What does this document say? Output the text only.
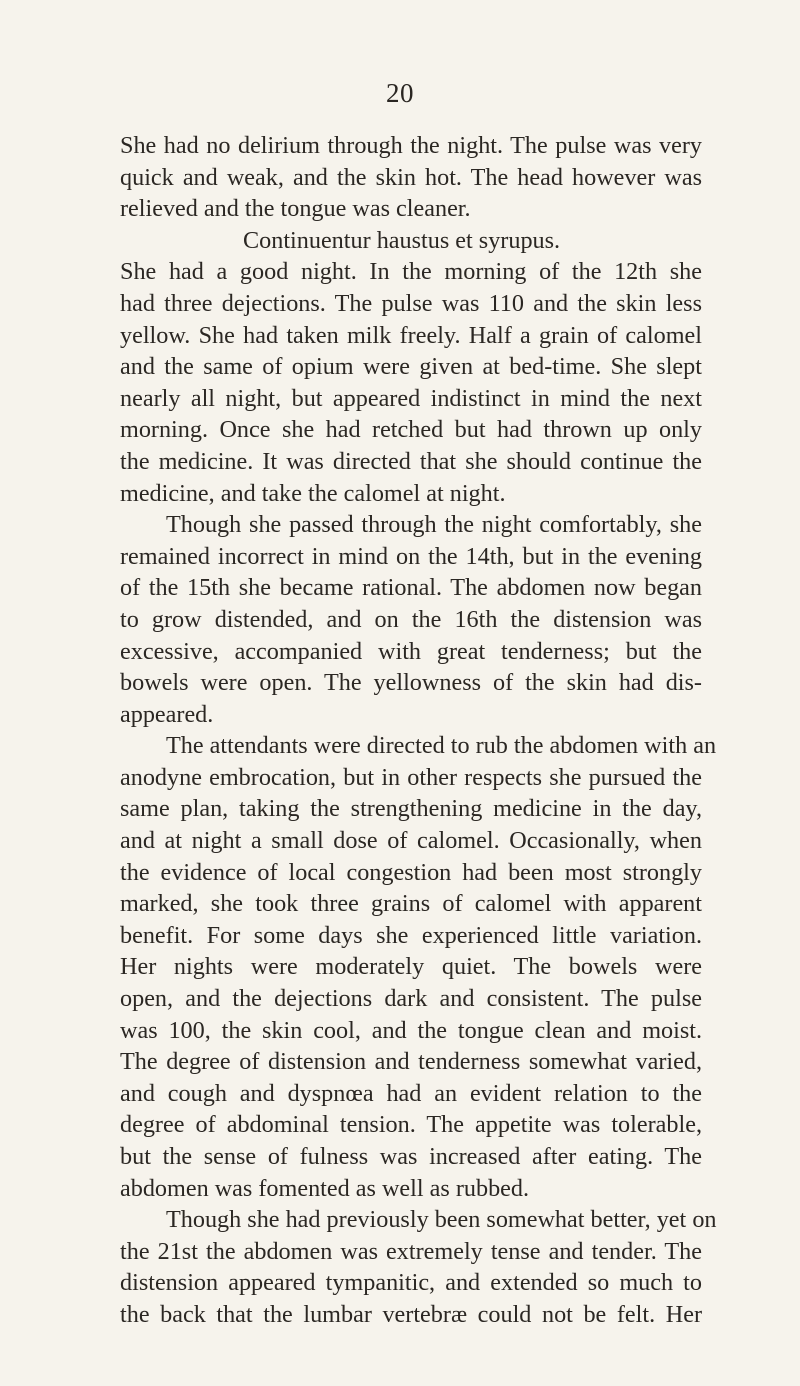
20
She had no delirium through the night. The pulse was very
quick and weak, and the skin hot. The head however was
relieved and the tongue was cleaner.
Continuentur haustus et syrupus.
She had a good night. In the morning of the 12th she
had three dejections. The pulse was 110 and the skin less
yellow. She had taken milk freely. Half a grain of calomel
and the same of opium were given at bed-time. She slept
nearly all night, but appeared indistinct in mind the next
morning. Once she had retched but had thrown up only
the medicine. It was directed that she should continue the
medicine, and take the calomel at night.
Though she passed through the night comfortably, she
remained incorrect in mind on the 14th, but in the evening
of the 15th she became rational. The abdomen now began
to grow distended, and on the 16th the distension was
excessive, accompanied with great tenderness; but the
bowels were open. The yellowness of the skin had dis-
appeared.
The attendants were directed to rub the abdomen with an
anodyne embrocation, but in other respects she pursued the
same plan, taking the strengthening medicine in the day,
and at night a small dose of calomel. Occasionally, when
the evidence of local congestion had been most strongly
marked, she took three grains of calomel with apparent
benefit. For some days she experienced little variation.
Her nights were moderately quiet. The bowels were
open, and the dejections dark and consistent. The pulse
was 100, the skin cool, and the tongue clean and moist.
The degree of distension and tenderness somewhat varied,
and cough and dyspnœa had an evident relation to the
degree of abdominal tension. The appetite was tolerable,
but the sense of fulness was increased after eating. The
abdomen was fomented as well as rubbed.
Though she had previously been somewhat better, yet on
the 21st the abdomen was extremely tense and tender. The
distension appeared tympanitic, and extended so much to
the back that the lumbar vertebræ could not be felt. Her
